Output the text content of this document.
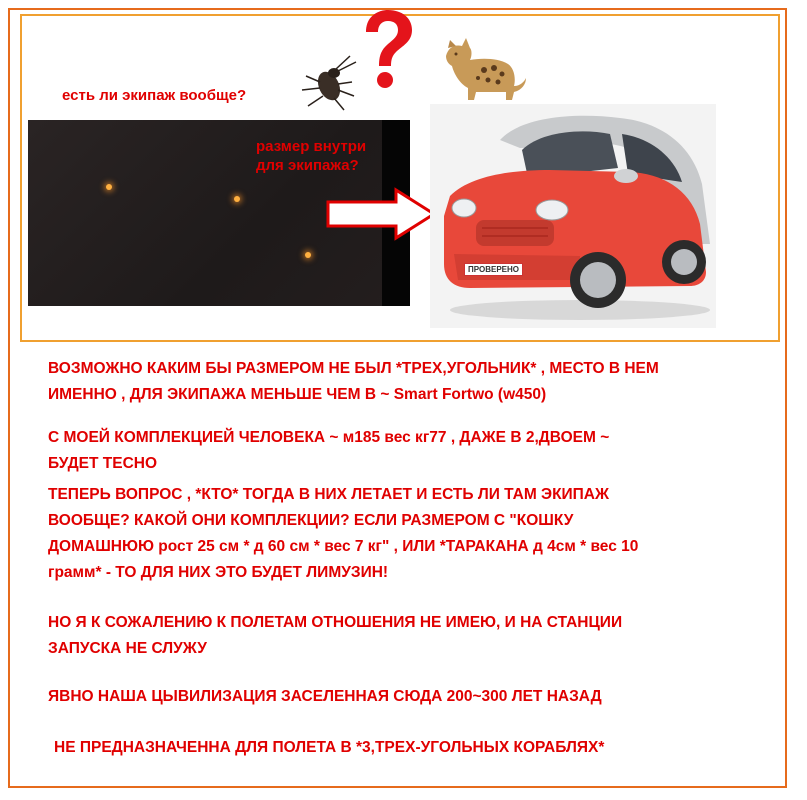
есть ли экипаж вообще?
размер внутри
для экипажа?
ПРОВЕРЕНО
ВОЗМОЖНО КАКИМ БЫ РАЗМЕРОМ НЕ БЫЛ *ТРЕХ,УГОЛЬНИК* , МЕСТО В НЕМ
ИМЕННО , ДЛЯ ЭКИПАЖА МЕНЬШЕ ЧЕМ В ~ Smart Fortwo (w450)
С МОЕЙ КОМПЛЕКЦИЕЙ ЧЕЛОВЕКА ~ м185 вес кг77 , ДАЖЕ В 2,ДВОЕМ ~
БУДЕТ ТЕСНО
ТЕПЕРЬ ВОПРОС , *КТО* ТОГДА В НИХ ЛЕТАЕТ И ЕСТЬ ЛИ ТАМ ЭКИПАЖ
ВООБЩЕ? КАКОЙ ОНИ КОМПЛЕКЦИИ? ЕСЛИ РАЗМЕРОМ С "КОШКУ
ДОМАШНЮЮ рост 25 см * д 60 см * вес 7 кг" , ИЛИ *ТАРАКАНА д 4см * вес 10
грамм* - ТО ДЛЯ НИХ ЭТО БУДЕТ ЛИМУЗИН!
НО Я К СОЖАЛЕНИЮ К ПОЛЕТАМ ОТНОШЕНИЯ НЕ ИМЕЮ, И НА СТАНЦИИ
ЗАПУСКА НЕ СЛУЖУ
ЯВНО НАША ЦЫВИЛИЗАЦИЯ ЗАСЕЛЕННАЯ СЮДА 200~300 ЛЕТ НАЗАД
НЕ ПРЕДНАЗНАЧЕННА ДЛЯ ПОЛЕТА В *3,ТРЕХ-УГОЛЬНЫХ КОРАБЛЯХ*
